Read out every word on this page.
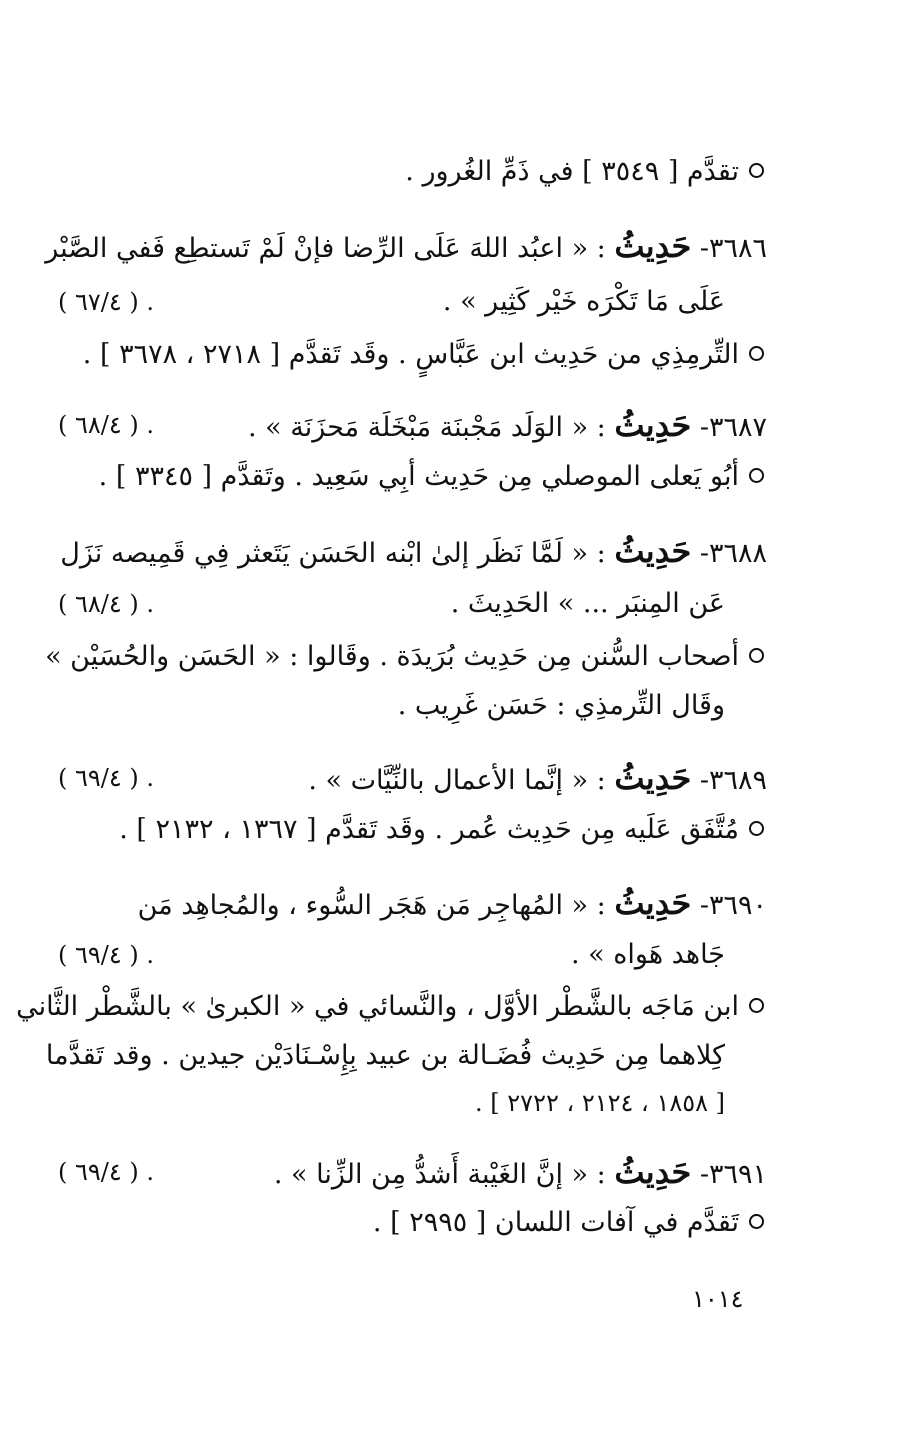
تقدَّم [ ٣٥٤٩ ] في ذَمِّ الغُرور .
٣٦٨٦- حَدِيثُ : « اعبُد اللهَ عَلَى الرِّضا فإنْ لَمْ تَستطِع فَفي الصَّبْر
عَلَى مَا تَكْرَه خَيْر كَثِير » .
( ٦٧/٤ ) .
التِّرمِذِي من حَدِيث ابن عَبَّاسٍ . وقَد تَقدَّم [ ٢٧١٨ ، ٣٦٧٨ ] .
٣٦٨٧- حَدِيثُ : « الوَلَد مَجْبنَة مَبْخَلَة مَحزَنَة » .
( ٦٨/٤ ) .
أبُو يَعلى الموصلي مِن حَدِيث أبِي سَعِيد . وتَقدَّم [ ٣٣٤٥ ] .
٣٦٨٨- حَدِيثُ : « لَمَّا نَظَر إلىٰ ابْنه الحَسَن يَتَعثر فِي قَمِيصه نَزَل
عَن المِنبَر ... » الحَدِيثَ .
( ٦٨/٤ ) .
أصحاب السُّنن مِن حَدِيث بُرَيدَة . وقَالوا : « الحَسَن والحُسَيْن »
وقَال التِّرمذِي : حَسَن غَرِيب .
٣٦٨٩- حَدِيثُ : « إنَّما الأعمال بالنِّيَّات » .
( ٦٩/٤ ) .
مُتَّفَق عَلَيه مِن حَدِيث عُمر . وقَد تَقدَّم [ ١٣٦٧ ، ٢١٣٢ ] .
٣٦٩٠- حَدِيثُ : « المُهاجِر مَن هَجَر السُّوء ، والمُجاهِد مَن
جَاهد هَواه » .
( ٦٩/٤ ) .
ابن مَاجَه بالشَّطْر الأوَّل ، والنَّسائي في « الكبرىٰ » بالشَّطْر الثَّاني
كِلاهما مِن حَدِيث فُضَـالة بن عبيد بِإِسْـنَادَيْن جيدين . وقد تَقدَّما
[ ١٨٥٨ ، ٢١٢٤ ، ٢٧٢٢ ] .
٣٦٩١- حَدِيثُ : « إنَّ الغَيْبة أَشدُّ مِن الزِّنا » .
( ٦٩/٤ ) .
تَقدَّم في آفات اللسان [ ٢٩٩٥ ] .
١٠١٤
